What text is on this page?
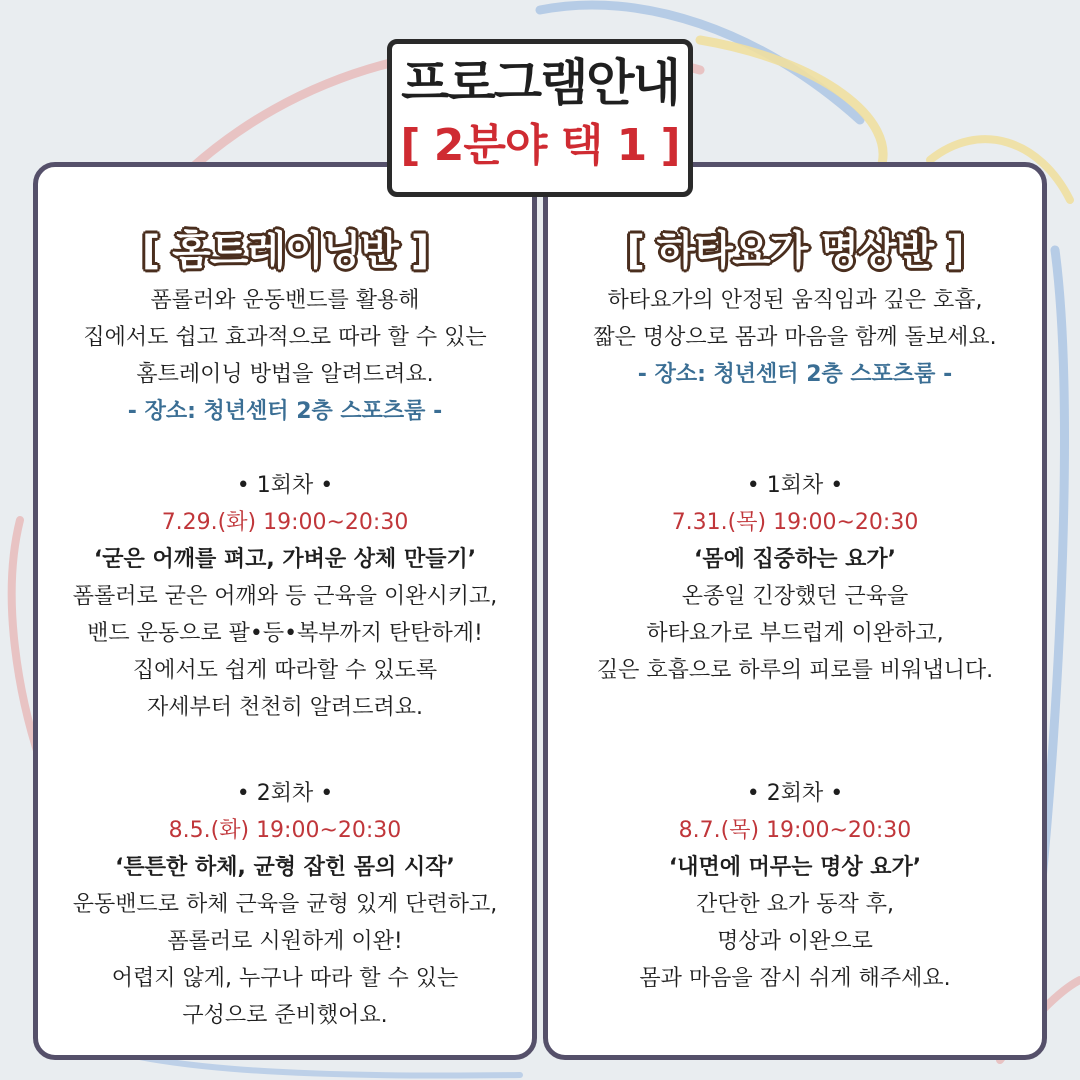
프로그램안내
[ 2분야 택 1 ]
[ 홈트레이닝반 ]
폼롤러와 운동밴드를 활용해
집에서도 쉽고 효과적으로 따라 할 수 있는
홈트레이닝 방법을 알려드려요.
- 장소: 청년센터 2층 스포츠룸 -
• 1회차 •
7.29.(화) 19:00~20:30
‘굳은 어깨를 펴고, 가벼운 상체 만들기’
폼롤러로 굳은 어깨와 등 근육을 이완시키고,
밴드 운동으로 팔•등•복부까지 탄탄하게!
집에서도 쉽게 따라할 수 있도록
자세부터 천천히 알려드려요.
• 2회차 •
8.5.(화) 19:00~20:30
‘튼튼한 하체, 균형 잡힌 몸의 시작’
운동밴드로 하체 근육을 균형 있게 단련하고,
폼롤러로 시원하게 이완!
어렵지 않게, 누구나 따라 할 수 있는
구성으로 준비했어요.
[ 하타요가 명상반 ]
하타요가의 안정된 움직임과 깊은 호흡,
짧은 명상으로 몸과 마음을 함께 돌보세요.
- 장소: 청년센터 2층 스포츠룸 -
• 1회차 •
7.31.(목) 19:00~20:30
‘몸에 집중하는 요가’
온종일 긴장했던 근육을
하타요가로 부드럽게 이완하고,
깊은 호흡으로 하루의 피로를 비워냅니다.
• 2회차 •
8.7.(목) 19:00~20:30
‘내면에 머무는 명상 요가’
간단한 요가 동작 후,
명상과 이완으로
몸과 마음을 잠시 쉬게 해주세요.
